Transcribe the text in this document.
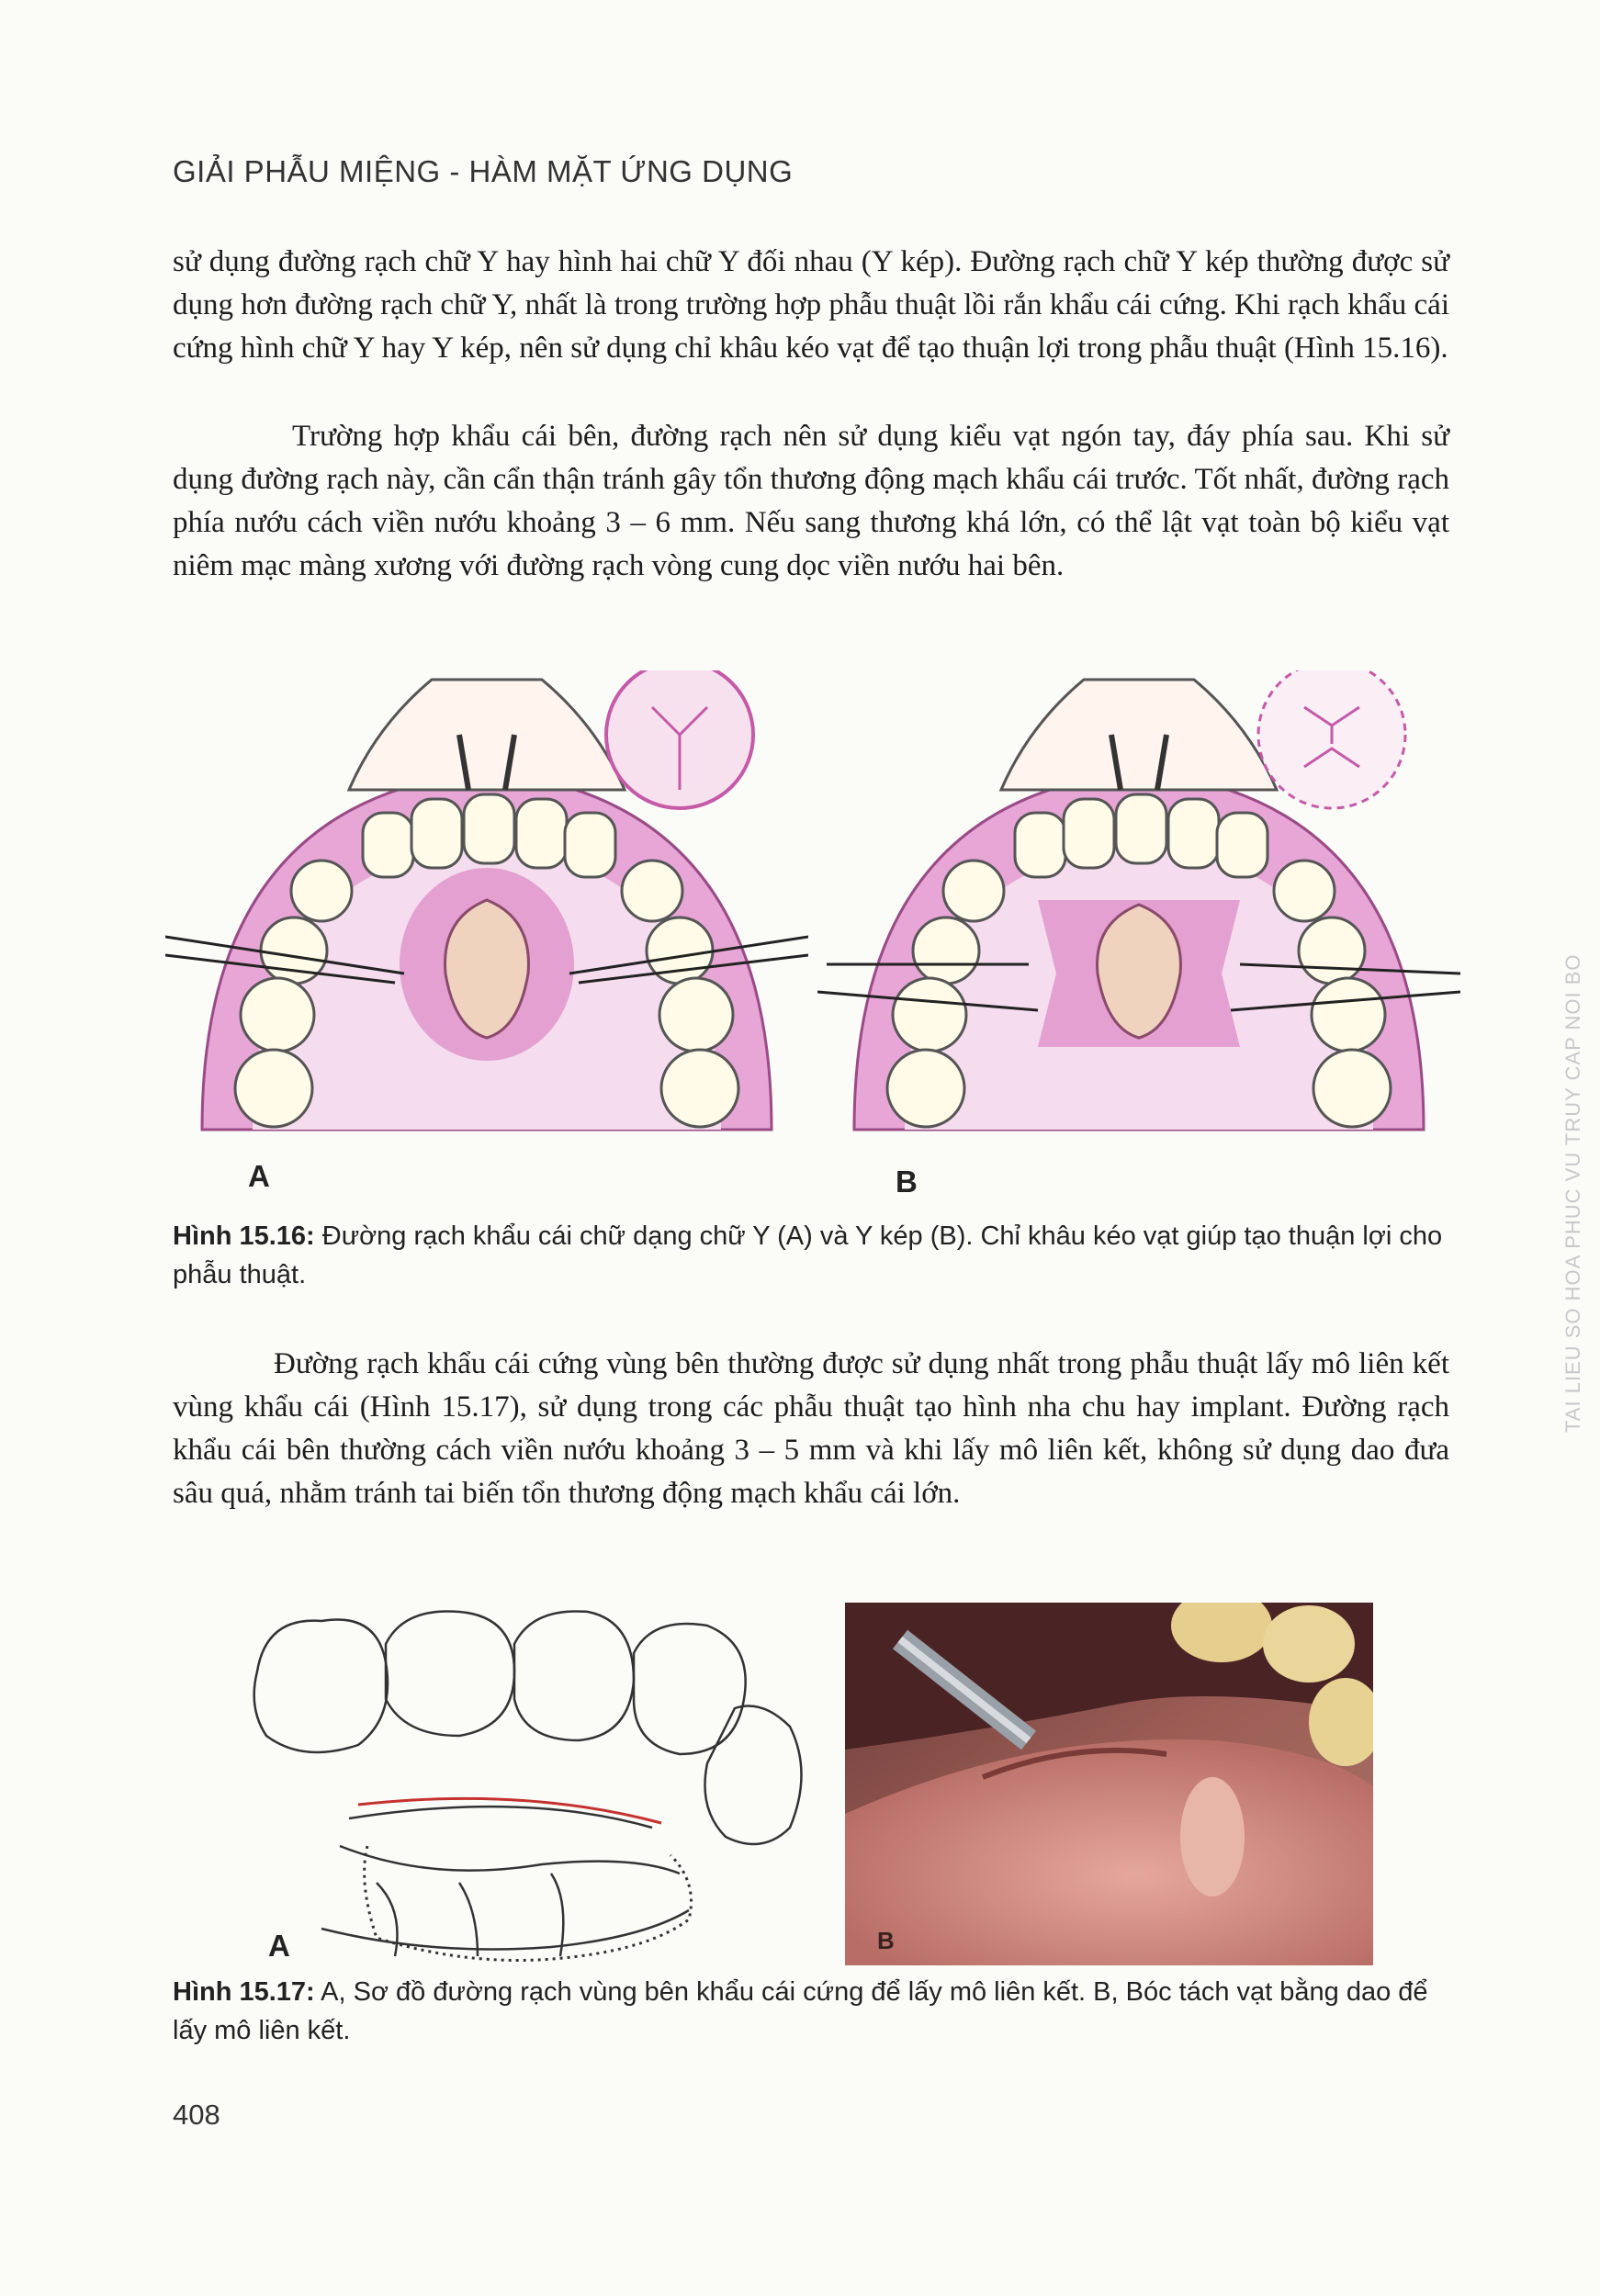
GIẢI PHẪU MIỆNG - HÀM MẶT ỨNG DỤNG
sử dụng đường rạch chữ Y hay hình hai chữ Y đối nhau (Y kép). Đường rạch chữ Y kép thường được sử dụng hơn đường rạch chữ Y, nhất là trong trường hợp phẫu thuật lồi rắn khẩu cái cứng. Khi rạch khẩu cái cứng hình chữ Y hay Y kép, nên sử dụng chỉ khâu kéo vạt để tạo thuận lợi trong phẫu thuật (Hình 15.16).
Trường hợp khẩu cái bên, đường rạch nên sử dụng kiểu vạt ngón tay, đáy phía sau. Khi sử dụng đường rạch này, cần cẩn thận tránh gây tổn thương động mạch khẩu cái trước. Tốt nhất, đường rạch phía nướu cách viền nướu khoảng 3 – 6 mm. Nếu sang thương khá lớn, có thể lật vạt toàn bộ kiểu vạt niêm mạc màng xương với đường rạch vòng cung dọc viền nướu hai bên.
A	B
Hình 15.16: Đường rạch khẩu cái chữ dạng chữ Y (A) và Y kép (B). Chỉ khâu kéo vạt giúp tạo thuận lợi cho phẫu thuật.
Đường rạch khẩu cái cứng vùng bên thường được sử dụng nhất trong phẫu thuật lấy mô liên kết vùng khẩu cái (Hình 15.17), sử dụng trong các phẫu thuật tạo hình nha chu hay implant. Đường rạch khẩu cái bên thường cách viền nướu khoảng 3 – 5 mm và khi lấy mô liên kết, không sử dụng dao đưa sâu quá, nhằm tránh tai biến tổn thương động mạch khẩu cái lớn.
A	B
Hình 15.17: A, Sơ đồ đường rạch vùng bên khẩu cái cứng để lấy mô liên kết. B, Bóc tách vạt bằng dao để lấy mô liên kết.
408
TAI LIEU SO HOA PHUC VU TRUY CAP NOI BO
